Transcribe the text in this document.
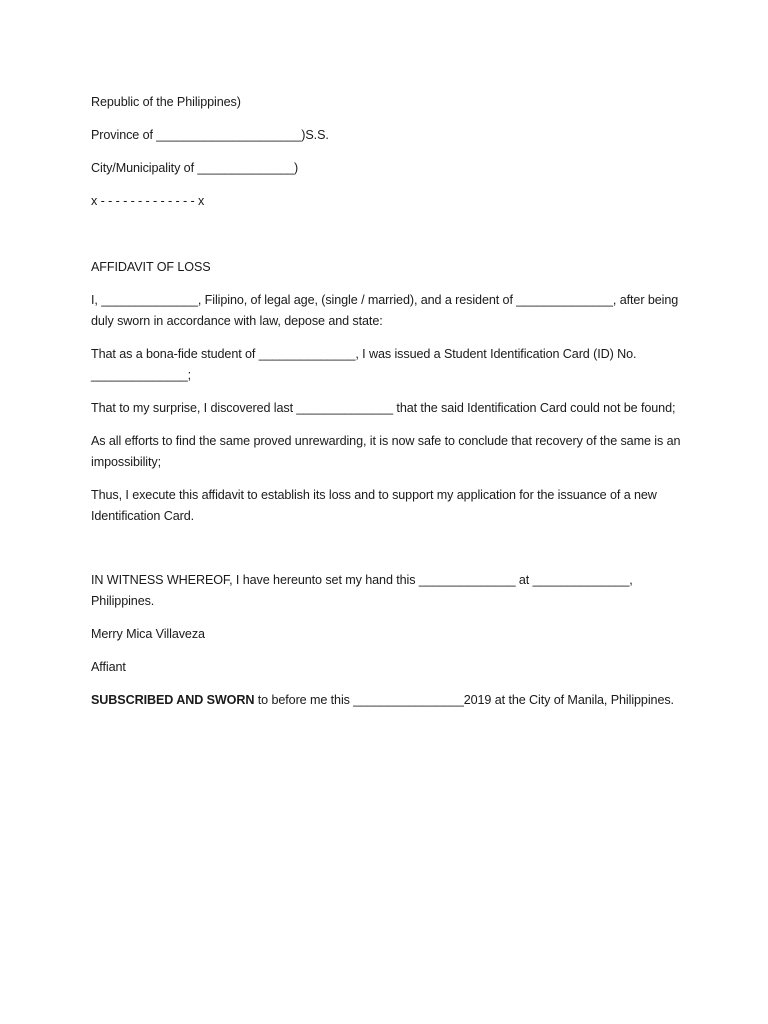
Republic of the Philippines)

Province of _____________________)S.S.

City/Municipality of ______________)

x - - - - - - - - - - - - - x

AFFIDAVIT OF LOSS

I, ______________, Filipino, of legal age, (single / married), and a resident of ______________, after being duly sworn in accordance with law, depose and state:

That as a bona-fide student of ______________, I was issued a Student Identification Card (ID) No.

______________;

That to my surprise, I discovered last ______________ that the said Identification Card could not be found;

As all efforts to find the same proved unrewarding, it is now safe to conclude that recovery of the same is an impossibility;

Thus, I execute this affidavit to establish its loss and to support my application for the issuance of a new Identification Card.

IN WITNESS WHEREOF, I have hereunto set my hand this ______________ at ______________, Philippines.

Merry Mica Villaveza

Affiant

SUBSCRIBED AND SWORN to before me this ________________2019 at the City of Manila, Philippines.
